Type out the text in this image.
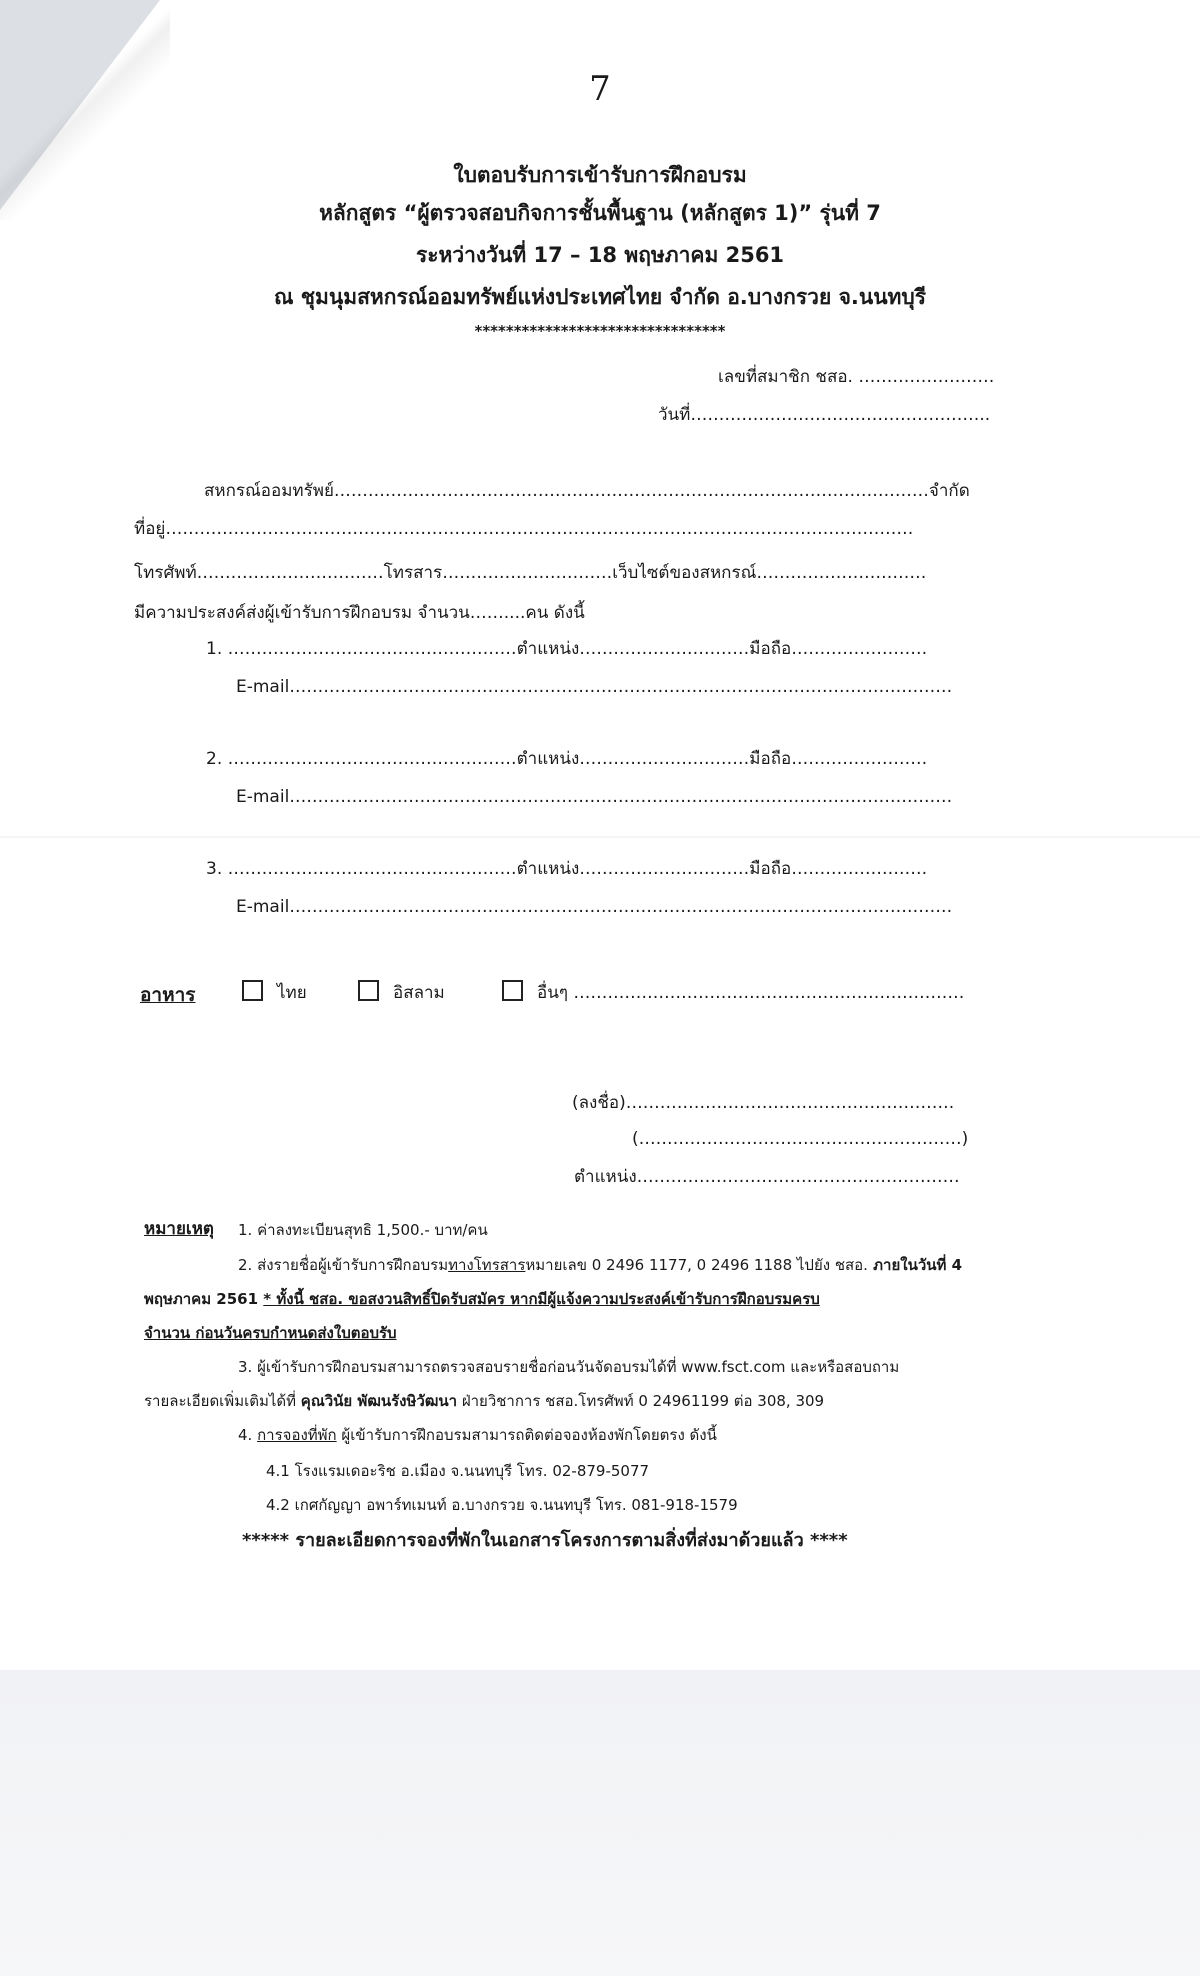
7
ใบตอบรับการเข้ารับการฝึกอบรม
หลักสูตร “ผู้ตรวจสอบกิจการชั้นพื้นฐาน (หลักสูตร 1)” รุ่นที่ 7
ระหว่างวันที่ 17 – 18 พฤษภาคม 2561
ณ ชุมนุมสหกรณ์ออมทรัพย์แห่งประเทศไทย จำกัด อ.บางกรวย จ.นนทบุรี
********************************
เลขที่สมาชิก ชสอ. ……………………
วันที่……………………………………………..
สหกรณ์ออมทรัพย์……………………………………………………………………………………………จำกัด
ที่อยู่……………………………………………………………………………………………………………………
โทรศัพท์……………………………โทรสาร…………………………เว็บไซต์ของสหกรณ์…………………………
มีความประสงค์ส่งผู้เข้ารับการฝึกอบรม จำนวน……....คน ดังนี้
1. ……………………………………………ตำแหน่ง…………………………มือถือ……………………
E-mail………………………………………………………………………………………………………
2. ……………………………………………ตำแหน่ง…………………………มือถือ……………………
E-mail………………………………………………………………………………………………………
3. ……………………………………………ตำแหน่ง…………………………มือถือ……………………
E-mail………………………………………………………………………………………………………
อาหาร	ไทย	อิสลาม	อื่นๆ ……………………………………………………………
(ลงชื่อ)………………………………………………….
(…………………………………………………)
ตำแหน่ง…………………………………………………
หมายเหตุ 1. ค่าลงทะเบียนสุทธิ 1,500.- บาท/คน
2. ส่งรายชื่อผู้เข้ารับการฝึกอบรมทางโทรสารหมายเลข 0 2496 1177, 0 2496 1188 ไปยัง ชสอ. ภายในวันที่ 4
พฤษภาคม 2561 * ทั้งนี้ ชสอ. ขอสงวนสิทธิ์ปิดรับสมัคร หากมีผู้แจ้งความประสงค์เข้ารับการฝึกอบรมครบ
จำนวน ก่อนวันครบกำหนดส่งใบตอบรับ
3. ผู้เข้ารับการฝึกอบรมสามารถตรวจสอบรายชื่อก่อนวันจัดอบรมได้ที่ www.fsct.com และหรือสอบถาม
รายละเอียดเพิ่มเติมได้ที่ คุณวินัย พัฒนรังษิวัฒนา ฝ่ายวิชาการ ชสอ.โทรศัพท์ 0 24961199 ต่อ 308, 309
4. การจองที่พัก ผู้เข้ารับการฝึกอบรมสามารถติดต่อจองห้องพักโดยตรง ดังนี้
4.1 โรงแรมเดอะริช อ.เมือง จ.นนทบุรี โทร. 02-879-5077
4.2 เกศกัญญา อพาร์ทเมนท์ อ.บางกรวย จ.นนทบุรี โทร. 081-918-1579
***** รายละเอียดการจองที่พักในเอกสารโครงการตามสิ่งที่ส่งมาด้วยแล้ว ****
